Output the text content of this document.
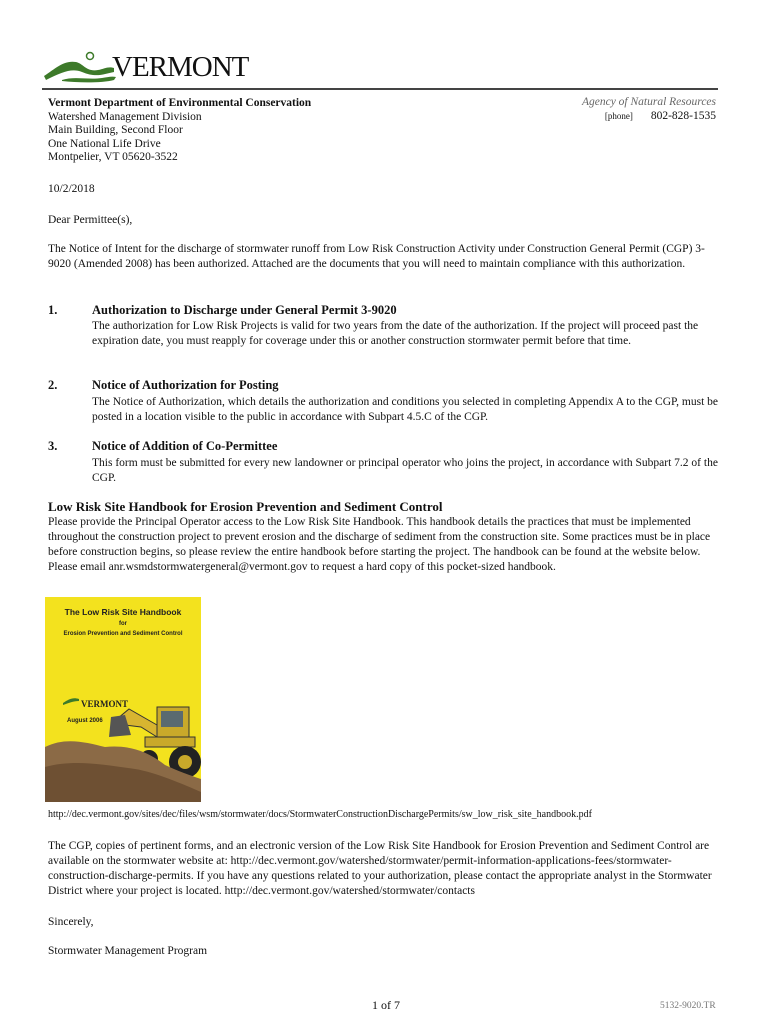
VERMONT
Vermont Department of Environmental Conservation
Watershed Management Division
Main Building, Second Floor
One National Life Drive
Montpelier, VT 05620-3522
Agency of Natural Resources
[phone] 802-828-1535
10/2/2018
Dear Permittee(s),
The Notice of Intent for the discharge of stormwater runoff from Low Risk Construction Activity under Construction General Permit (CGP) 3-9020 (Amended 2008) has been authorized. Attached are the documents that you will need to maintain compliance with this authorization.
1.	Authorization to Discharge under General Permit 3-9020
The authorization for Low Risk Projects is valid for two years from the date of the authorization. If the project will proceed past the expiration date, you must reapply for coverage under this or another construction stormwater permit before that time.
2.	Notice of Authorization for Posting
The Notice of Authorization, which details the authorization and conditions you selected in completing Appendix A to the CGP, must be posted in a location visible to the public in accordance with Subpart 4.5.C of the CGP.
3.	Notice of Addition of Co-Permittee
This form must be submitted for every new landowner or principal operator who joins the project, in accordance with Subpart 7.2 of the CGP.
Low Risk Site Handbook for Erosion Prevention and Sediment Control
Please provide the Principal Operator access to the Low Risk Site Handbook. This handbook details the practices that must be implemented throughout the construction project to prevent erosion and the discharge of sediment from the construction site. Some practices must be in place before construction begins, so please review the entire handbook before starting the project. The handbook can be found at the website below. Please email anr.wsmdstormwatergeneral@vermont.gov to request a hard copy of this pocket-sized handbook.
The Low Risk Site Handbook
for
Erosion Prevention and Sediment Control
VERMONT
August 2006
http://dec.vermont.gov/sites/dec/files/wsm/stormwater/docs/StormwaterConstructionDischargePermits/sw_low_risk_site_handbook.pdf
The CGP, copies of pertinent forms, and an electronic version of the Low Risk Site Handbook for Erosion Prevention and Sediment Control are available on the stormwater website at: http://dec.vermont.gov/watershed/stormwater/permit-information-applications-fees/stormwater-construction-discharge-permits. If you have any questions related to your authorization, please contact the appropriate analyst in the Stormwater District where your project is located. http://dec.vermont.gov/watershed/stormwater/contacts
Sincerely,
Stormwater Management Program
1 of 7	5132-9020.TR
